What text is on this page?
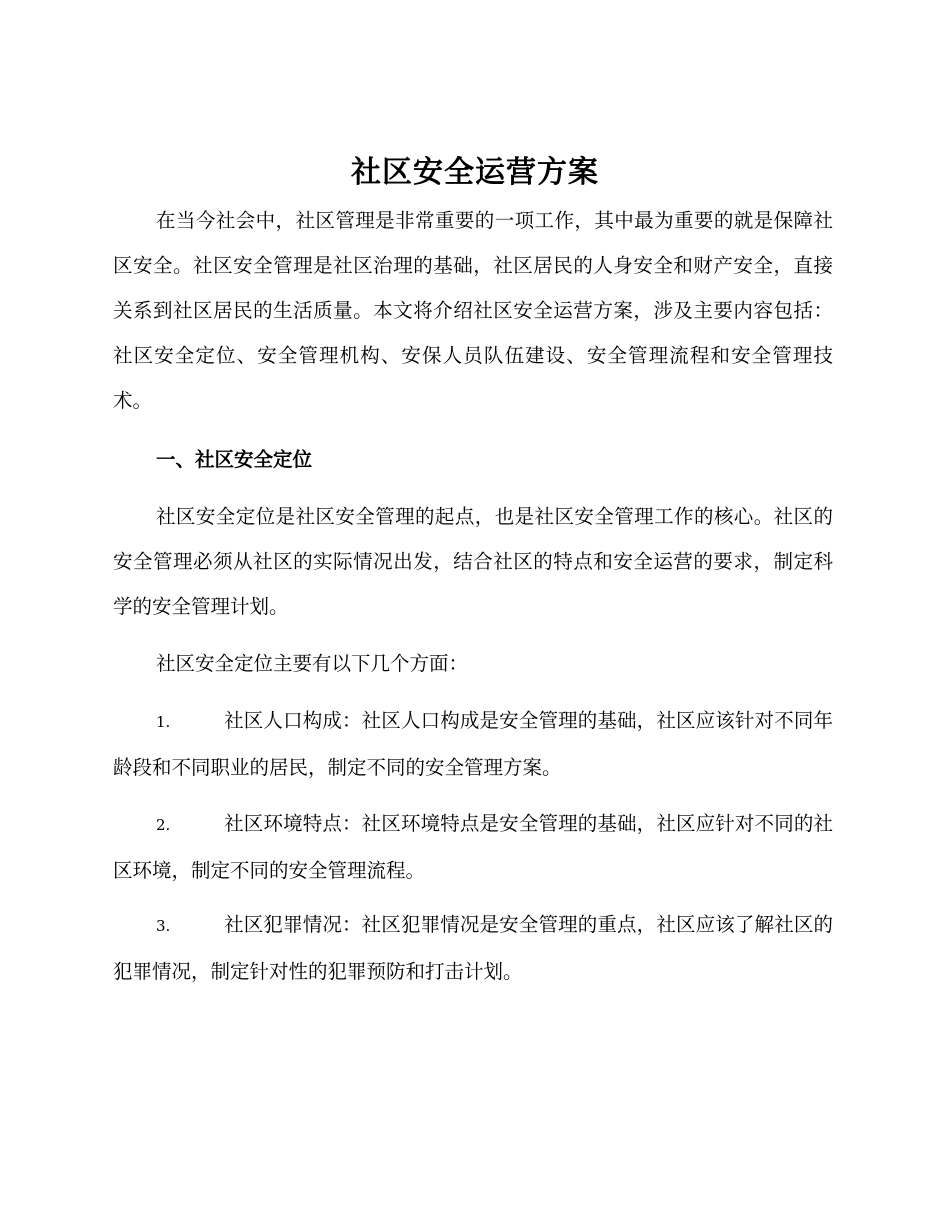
社区安全运营方案

在当今社会中，社区管理是非常重要的一项工作，其中最为重要的就是保障社区安全。社区安全管理是社区治理的基础，社区居民的人身安全和财产安全，直接关系到社区居民的生活质量。本文将介绍社区安全运营方案，涉及主要内容包括：社区安全定位、安全管理机构、安保人员队伍建设、安全管理流程和安全管理技术。

一、社区安全定位

社区安全定位是社区安全管理的起点，也是社区安全管理工作的核心。社区的安全管理必须从社区的实际情况出发，结合社区的特点和安全运营的要求，制定科学的安全管理计划。

社区安全定位主要有以下几个方面：

1.	社区人口构成：社区人口构成是安全管理的基础，社区应该针对不同年龄段和不同职业的居民，制定不同的安全管理方案。

2.	社区环境特点：社区环境特点是安全管理的基础，社区应针对不同的社区环境，制定不同的安全管理流程。

3.	社区犯罪情况：社区犯罪情况是安全管理的重点，社区应该了解社区的犯罪情况，制定针对性的犯罪预防和打击计划。
